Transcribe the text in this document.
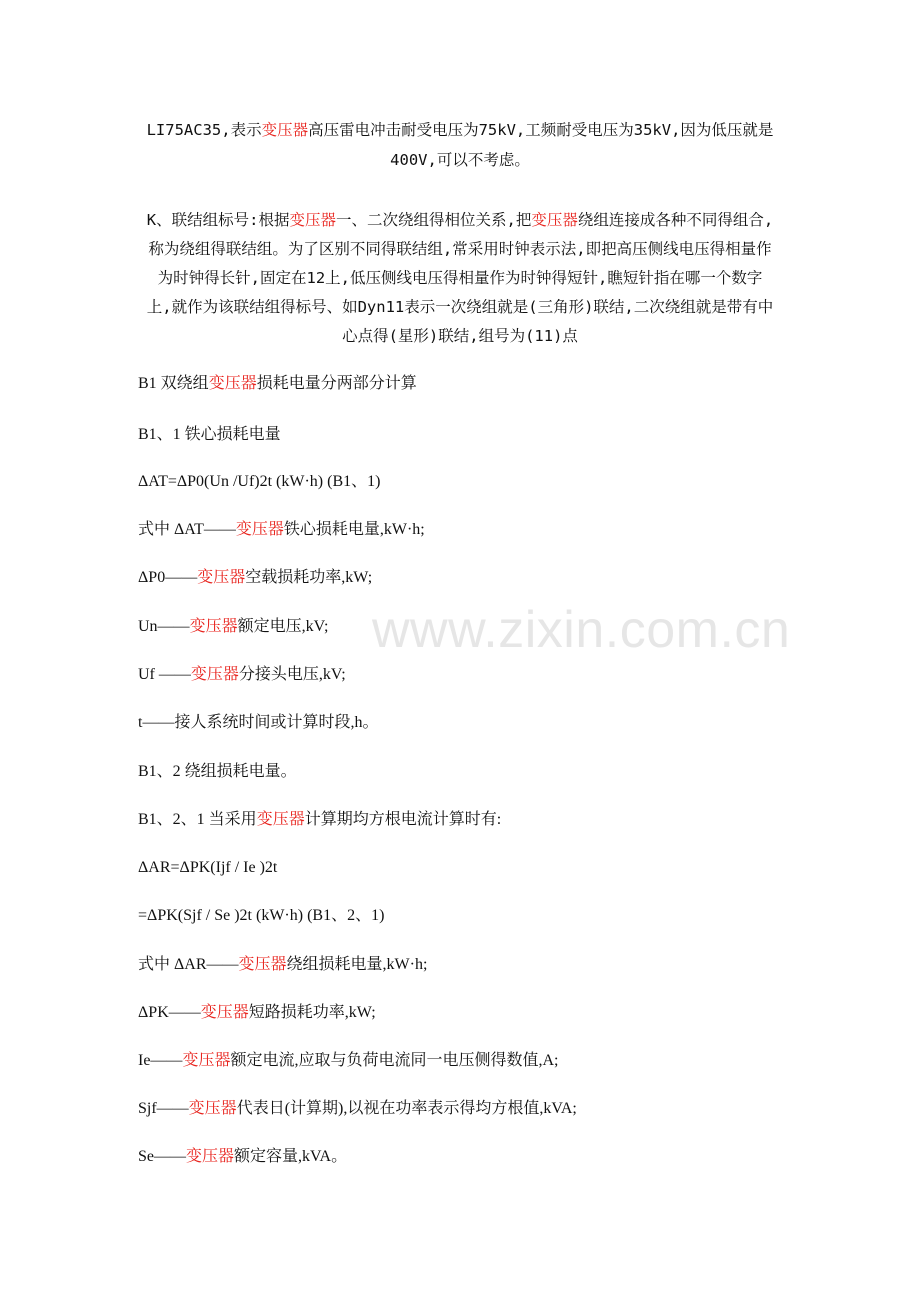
www.zixin.com.cn
LI75AC35,表示变压器高压雷电冲击耐受电压为75kV,工频耐受电压为35kV,因为低压就是
400V,可以不考虑。
K、联结组标号:根据变压器一、二次绕组得相位关系,把变压器绕组连接成各种不同得组合,
称为绕组得联结组。为了区别不同得联结组,常采用时钟表示法,即把高压侧线电压得相量作
为时钟得长针,固定在12上,低压侧线电压得相量作为时钟得短针,瞧短针指在哪一个数字
上,就作为该联结组得标号、如Dyn11表示一次绕组就是(三角形)联结,二次绕组就是带有中
心点得(星形)联结,组号为(11)点
B1 双绕组变压器损耗电量分两部分计算
B1、1 铁心损耗电量
ΔAT=ΔP0(Un /Uf)2t (kW·h) (B1、1)
式中 ΔAT——变压器铁心损耗电量,kW·h;
ΔP0——变压器空载损耗功率,kW;
Un——变压器额定电压,kV;
Uf ——变压器分接头电压,kV;
t——接人系统时间或计算时段,h。
B1、2 绕组损耗电量。
B1、2、1 当采用变压器计算期均方根电流计算时有:
ΔAR=ΔPK(Ijf / Ie )2t
=ΔPK(Sjf / Se )2t (kW·h) (B1、2、1)
式中 ΔAR——变压器绕组损耗电量,kW·h;
ΔPK——变压器短路损耗功率,kW;
Ie——变压器额定电流,应取与负荷电流同一电压侧得数值,A;
Sjf——变压器代表日(计算期),以视在功率表示得均方根值,kVA;
Se——变压器额定容量,kVA。
